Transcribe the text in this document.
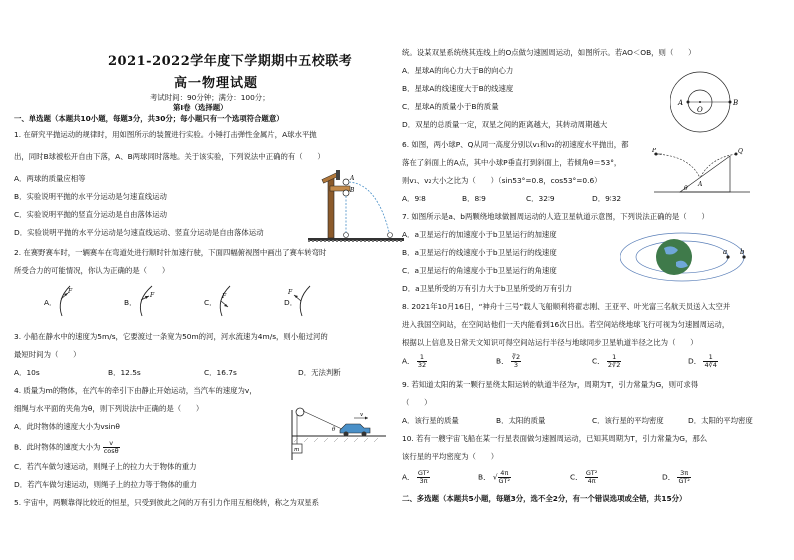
2021-2022学年度下学期期中五校联考
高一物理试题
考试时间：90分钟；满分：100分；
第Ⅰ卷（选择题）
一、单选题（本题共10小题，每题3分，共30分；每小题只有一个选项符合题意）
1. 在研究平抛运动的规律时，用如图所示的装置进行实验。小锤打击弹性金属片，A球水平抛
出，同时B球被松开自由下落，A、B两球同时落地。关于该实验，下列说法中正确的有（　　）
A．两球的质量应相等
B．实验说明平抛的水平分运动是匀速直线运动
C．实验说明平抛的竖直分运动是自由落体运动
D．实验说明平抛的水平分运动是匀速直线运动、竖直分运动是自由落体运动
2. 在赛野赛车时，一辆赛车在弯道处进行顺时针加速行驶，下面四幅俯视图中画出了赛车转弯时
所受合力的可能情况，你认为正确的是（　　）
A．	B．	C．	D．
3. 小船在静水中的速度为5m/s，它要渡过一条宽为50m的河，河水流速为4m/s，则小船过河的
最短时间为（　　）
A．10s	B．12.5s	C．16.7s	D．无法判断
4. 质量为m的物体，在汽车的牵引下由静止开始运动，当汽车的速度为v，
细绳与水平面的夹角为θ，则下列说法中正确的是（　　）
A．此时物体的速度大小为vsinθ
B．此时物体的速度大小为 $\frac{v}{\cos\theta}$
C．若汽车做匀速运动，则绳子上的拉力大于物体的重力
D．若汽车做匀速运动，则绳子上的拉力等于物体的重力
5. 宇宙中，两颗靠得比较近的恒星，只受到彼此之间的万有引力作用互相绕转，称之为双星系
A
B
F
F	F
F
m
v
θ
统。设某双星系统绕其连线上的O点做匀速圆周运动，如图所示。若AO＜OB，则（　　）
A．星球A的向心力大于B的向心力
B．星球A的线速度大于B的线速度
C．星球A的质量小于B的质量
D．双星的总质量一定，双星之间的距离越大，其转动周期越大
A
O
B
6. 如图，两小球P、Q从同一高度分别以v₁和v₂的初速度水平抛出，都
落在了斜面上的A点，其中小球P垂直打到斜面上，若倾角θ＝53°，
则v₁、v₂大小之比为（　　）（sin53°=0.8，cos53°=0.6）
A．9∶8	B．8∶9	C．32∶9	D．9∶32
P	Q
A
θ
7. 如图所示是a、b两颗绕地球做圆周运动的人造卫星轨道示意图，下列说法正确的是（　　）
A．a卫星运行的加速度小于b卫星运行的加速度
B．a卫星运行的线速度小于b卫星运行的线速度
C．a卫星运行的角速度小于b卫星运行的角速度
D．a卫星所受的万有引力大于b卫星所受的万有引力
a b
8. 2021年10月16日，“神舟十三号”载人飞船顺利将翟志刚、王亚平、叶光富三名航天员送入太空并
进入我国空间站，在空间站他们一天内能看到16次日出。若空间站绕地球飞行可视为匀速圆周运动，
根据以上信息及日常天文知识可得空间站运行半径与地球同步卫星轨道半径之比为（　　）
A． $\frac{1}{32}$	B． $\frac{∛2}{3}$	C． $\frac{1}{2∛2}$	D． $\frac{1}{4∛4}$
9. 若知道太阳的某一颗行星绕太阳运转的轨道半径为r，周期为T，引力常量为G，则可求得
（　　）
A．该行星的质量	B．太阳的质量	C．该行星的平均密度	D．太阳的平均密度
10. 若有一艘宇宙飞船在某一行星表面做匀速圆周运动，已知其周期为T，引力常量为G，那么
该行星的平均密度为（　　）
A． $\frac{\text{GT²}}{3\pi}$	B． √ $\frac{4\pi}{\text{GT²}}$	C． $\frac{\text{GT²}}{4\pi}$	D． $\frac{3\pi}{\text{GT²}}$
二、多选题（本题共5小题，每题3分，选不全2分，有一个错误选项或全错，共15分）
